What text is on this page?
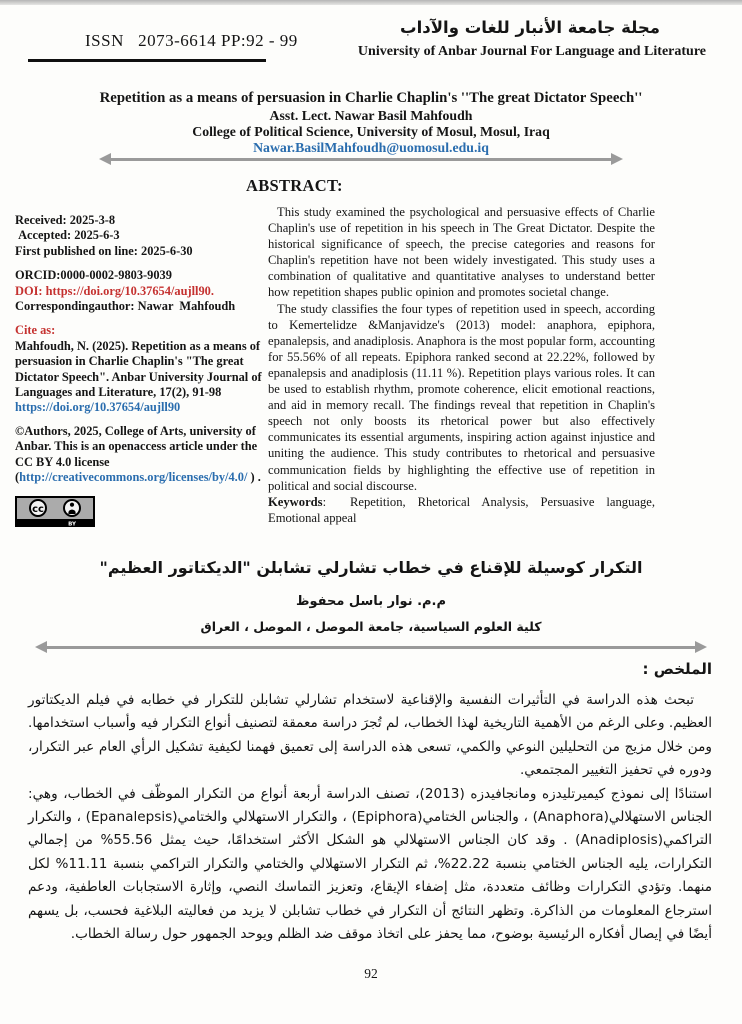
ISSN   2073-6614 PP:92 - 99
مجلة جامعة الأنبار للغات والآداب
University of Anbar Journal For Language and Literature
Repetition as a means of persuasion in Charlie Chaplin's ''The great Dictator Speech''
Asst. Lect. Nawar Basil Mahfoudh
College of Political Science, University of Mosul, Mosul, Iraq
Nawar.BasilMahfoudh@uomosul.edu.iq
ABSTRACT:
Received: 2025-3-8
Accepted: 2025-6-3
First published on line: 2025-6-30
ORCID:0000-0002-9803-9039
DOI: https://doi.org/10.37654/aujll90.
Correspondingauthor: Nawar  Mahfoudh
Cite as:
Mahfoudh, N. (2025). Repetition as a means of persuasion in Charlie Chaplin's "The great Dictator Speech". Anbar University Journal of Languages and Literature, 17(2), 91-98 https://doi.org/10.37654/aujll90
©Authors, 2025, College of Arts, university of Anbar. This is an openaccess article under the CC BY 4.0 license (http://creativecommons.org/licenses/by/4.0/ ) .
cc
BY

This study examined the psychological and persuasive effects of Charlie Chaplin's use of repetition in his speech in The Great Dictator. Despite the historical significance of speech, the precise categories and reasons for Chaplin's repetition have not been widely investigated. This study uses a combination of qualitative and quantitative analyses to understand better how repetition shapes public opinion and promotes societal change.

The study classifies the four types of repetition used in speech, according to Kemertelidze &Manjavidze's (2013) model: anaphora, epiphora, epanalepsis, and anadiplosis. Anaphora is the most popular form, accounting for 55.56% of all repeats. Epiphora ranked second at 22.22%, followed by epanalepsis and anadiplosis (11.11 %). Repetition plays various roles. It can be used to establish rhythm, promote coherence, elicit emotional reactions, and aid in memory recall. The findings reveal that repetition in Chaplin's speech not only boosts its rhetorical power but also effectively communicates its essential arguments, inspiring action against injustice and uniting the audience. This study contributes to rhetorical and persuasive communication fields by highlighting the effective use of repetition in political and social discourse.

Keywords:  Repetition, Rhetorical Analysis, Persuasive language, Emotional appeal

التكرار كوسيلة للإقناع في خطاب تشارلي تشابلن "الديكتاتور العظيم"
م.م. نوار باسل محفوظ
كلية العلوم السياسية، جامعة الموصل ، الموصل ، العراق
الملخص :

تبحث هذه الدراسة في التأثيرات النفسية والإقناعية لاستخدام تشارلي تشابلن للتكرار في خطابه في فيلم الديكتاتور العظيم. وعلى الرغم من الأهمية التاريخية لهذا الخطاب، لم تُجرَ دراسة معمقة لتصنيف أنواع التكرار فيه وأسباب استخدامها. ومن خلال مزيج من التحليلين النوعي والكمي، تسعى هذه الدراسة إلى تعميق فهمنا لكيفية تشكيل الرأي العام عبر التكرار، ودوره في تحفيز التغيير المجتمعي.

استنادًا إلى نموذج كيميرتليدزه ومانجافيدزه (2013)، تصنف الدراسة أربعة أنواع من التكرار الموظّف في الخطاب، وهي: الجناس الاستهلالي(Anaphora) ، والجناس الختامي(Epiphora) ، والتكرار الاستهلالي والختامي(Epanalepsis) ، والتكرار التراكمي(Anadiplosis) . وقد كان الجناس الاستهلالي هو الشكل الأكثر استخدامًا، حيث يمثل 55.56% من إجمالي التكرارات، يليه الجناس الختامي بنسبة 22.22%، ثم التكرار الاستهلالي والختامي والتكرار التراكمي بنسبة 11.11% لكل منهما. وتؤدي التكرارات وظائف متعددة، مثل إضفاء الإيقاع، وتعزيز التماسك النصي، وإثارة الاستجابات العاطفية، ودعم استرجاع المعلومات من الذاكرة. وتظهر النتائج أن التكرار في خطاب تشابلن لا يزيد من فعاليته البلاغية فحسب، بل يسهم أيضًا في إيصال أفكاره الرئيسية بوضوح، مما يحفز على اتخاذ موقف ضد الظلم ويوحد الجمهور حول رسالة الخطاب.

92
